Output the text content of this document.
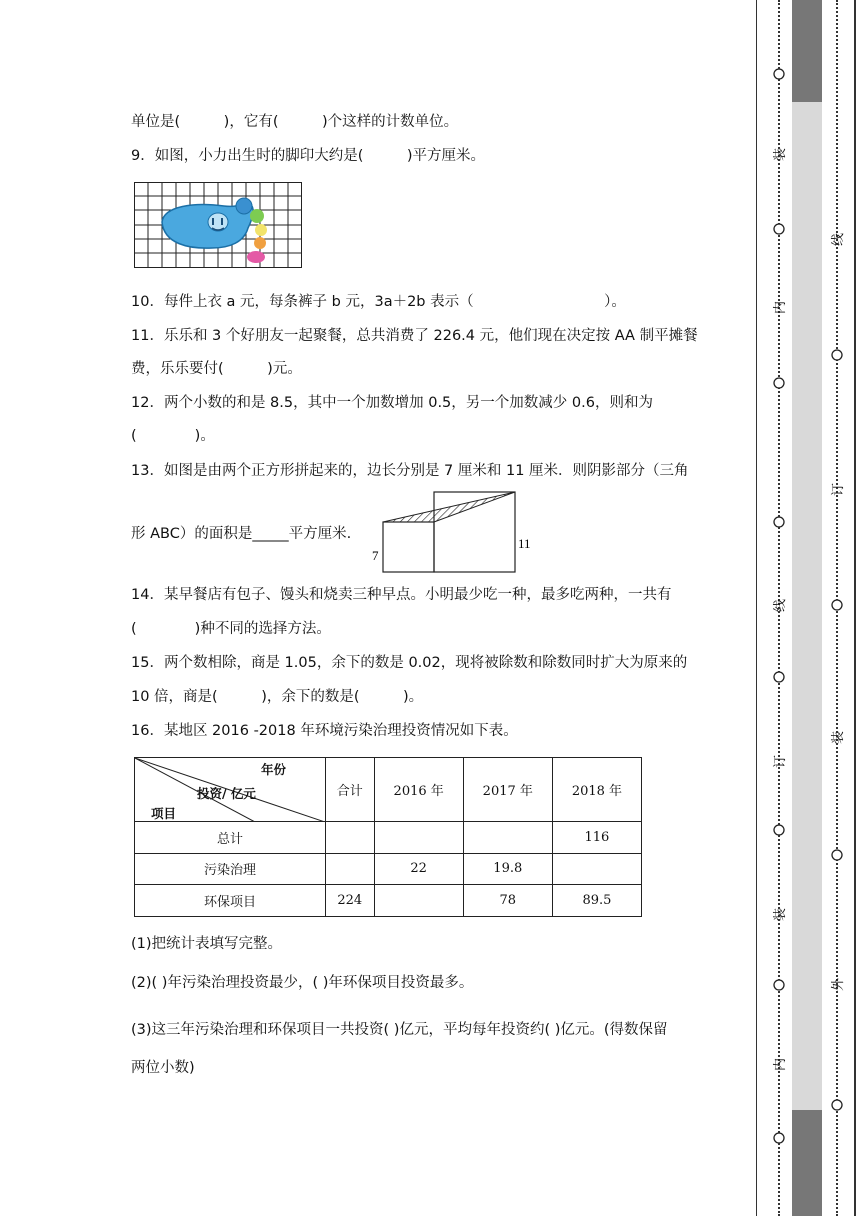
单位是(　　　)，它有(　　　)个这样的计数单位。
9．如图，小力出生时的脚印大约是(　　　)平方厘米。
10．每件上衣 a 元，每条裤子 b 元，3a＋2b 表示（　　　　　　　　　）。
11．乐乐和 3 个好朋友一起聚餐，总共消费了 226.4 元，他们现在决定按 AA 制平摊餐
费，乐乐要付(　　　)元。
12．两个小数的和是 8.5，其中一个加数增加 0.5，另一个加数减少 0.6，则和为
(　　　　)。
13．如图是由两个正方形拼起来的，边长分别是 7 厘米和 11 厘米．则阴影部分（三角
形 ABC）的面积是_____平方厘米.
7
11
14．某早餐店有包子、馒头和烧卖三种早点。小明最少吃一种，最多吃两种，一共有
(　　　　)种不同的选择方法。
15．两个数相除，商是 1.05，余下的数是 0.02，现将被除数和除数同时扩大为原来的
10 倍，商是(　　　)，余下的数是(　　　)。
16．某地区 2016 -2018 年环境污染治理投资情况如下表。
年份
投资/ 亿元
项目	合计	2016 年	2017 年	2018 年
总计				116
污染治理		22	19.8	
环保项目	224		78	89.5
(1)把统计表填写完整。
(2)( )年污染治理投资最少，( )年环保项目投资最多。
(3)这三年污染治理和环保项目一共投资( )亿元，平均每年投资约( )亿元。(得数保留
两位小数)
装
内
线
订
装
内
线
订
装
外
